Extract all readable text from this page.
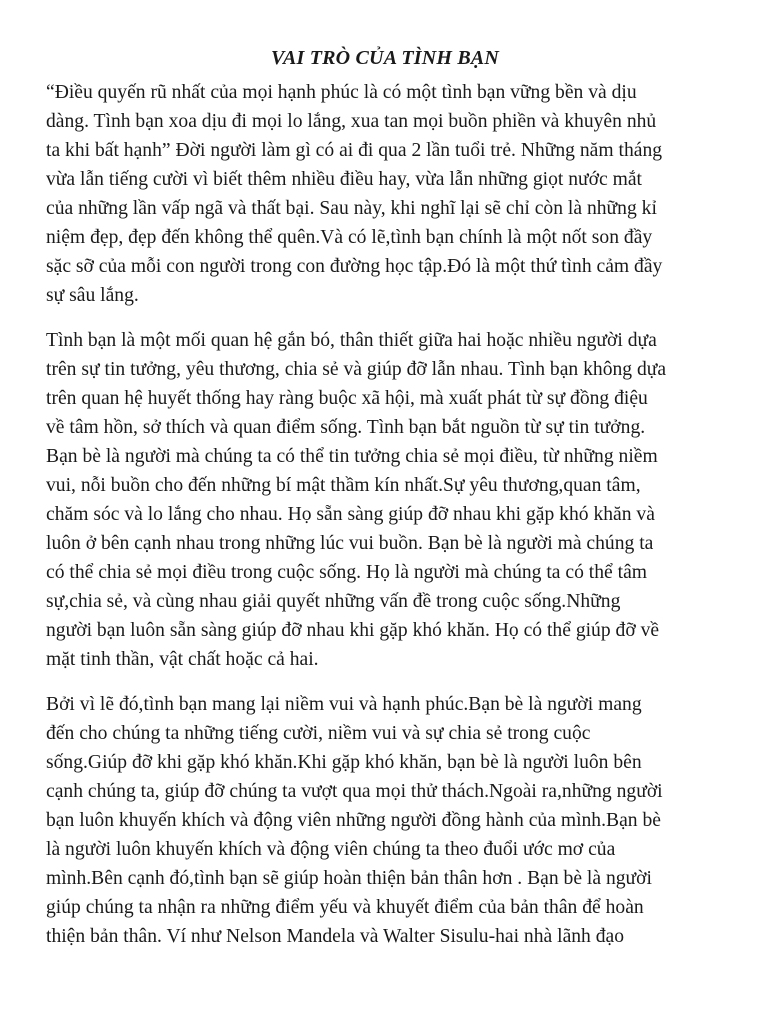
VAI TRÒ CỦA TÌNH BẠN
“Điều quyến rũ nhất của mọi hạnh phúc là có một tình bạn vững bền và dịu
dàng. Tình bạn xoa dịu đi mọi lo lắng, xua tan mọi buồn phiền và khuyên nhủ
ta khi bất hạnh” Đời người làm gì có ai đi qua 2 lần tuổi trẻ. Những năm tháng
vừa lẫn tiếng cười vì biết thêm nhiều điều hay, vừa lẫn những giọt nước mắt
của những lần vấp ngã và thất bại. Sau này, khi nghĩ lại sẽ chỉ còn là những kỉ
niệm đẹp, đẹp đến không thể quên.Và có lẽ,tình bạn chính là một nốt son đầy
sặc sỡ của mỗi con người trong con đường học tập.Đó là một thứ tình cảm đầy
sự sâu lắng.
Tình bạn là một mối quan hệ gắn bó, thân thiết giữa hai hoặc nhiều người dựa
trên sự tin tưởng, yêu thương, chia sẻ và giúp đỡ lẫn nhau. Tình bạn không dựa
trên quan hệ huyết thống hay ràng buộc xã hội, mà xuất phát từ sự đồng điệu
về tâm hồn, sở thích và quan điểm sống. Tình bạn bắt nguồn từ sự tin tưởng.
Bạn bè là người mà chúng ta có thể tin tưởng chia sẻ mọi điều, từ những niềm
vui, nỗi buồn cho đến những bí mật thầm kín nhất.Sự yêu thương,quan tâm,
chăm sóc và lo lắng cho nhau. Họ sẵn sàng giúp đỡ nhau khi gặp khó khăn và
luôn ở bên cạnh nhau trong những lúc vui buồn. Bạn bè là người mà chúng ta
có thể chia sẻ mọi điều trong cuộc sống. Họ là người mà chúng ta có thể tâm
sự,chia sẻ, và cùng nhau giải quyết những vấn đề trong cuộc sống.Những
người bạn luôn sẵn sàng giúp đỡ nhau khi gặp khó khăn. Họ có thể giúp đỡ về
mặt tinh thần, vật chất hoặc cả hai.
Bởi vì lẽ đó,tình bạn mang lại niềm vui và hạnh phúc.Bạn bè là người mang
đến cho chúng ta những tiếng cười, niềm vui và sự chia sẻ trong cuộc
sống.Giúp đỡ khi gặp khó khăn.Khi gặp khó khăn, bạn bè là người luôn bên
cạnh chúng ta, giúp đỡ chúng ta vượt qua mọi thử thách.Ngoài ra,những người
bạn luôn khuyến khích và động viên những người đồng hành của mình.Bạn bè
là người luôn khuyến khích và động viên chúng ta theo đuổi ước mơ của
mình.Bên cạnh đó,tình bạn sẽ giúp hoàn thiện bản thân hơn . Bạn bè là người
giúp chúng ta nhận ra những điểm yếu và khuyết điểm của bản thân để hoàn
thiện bản thân. Ví như Nelson Mandela và Walter Sisulu-hai nhà lãnh đạo
